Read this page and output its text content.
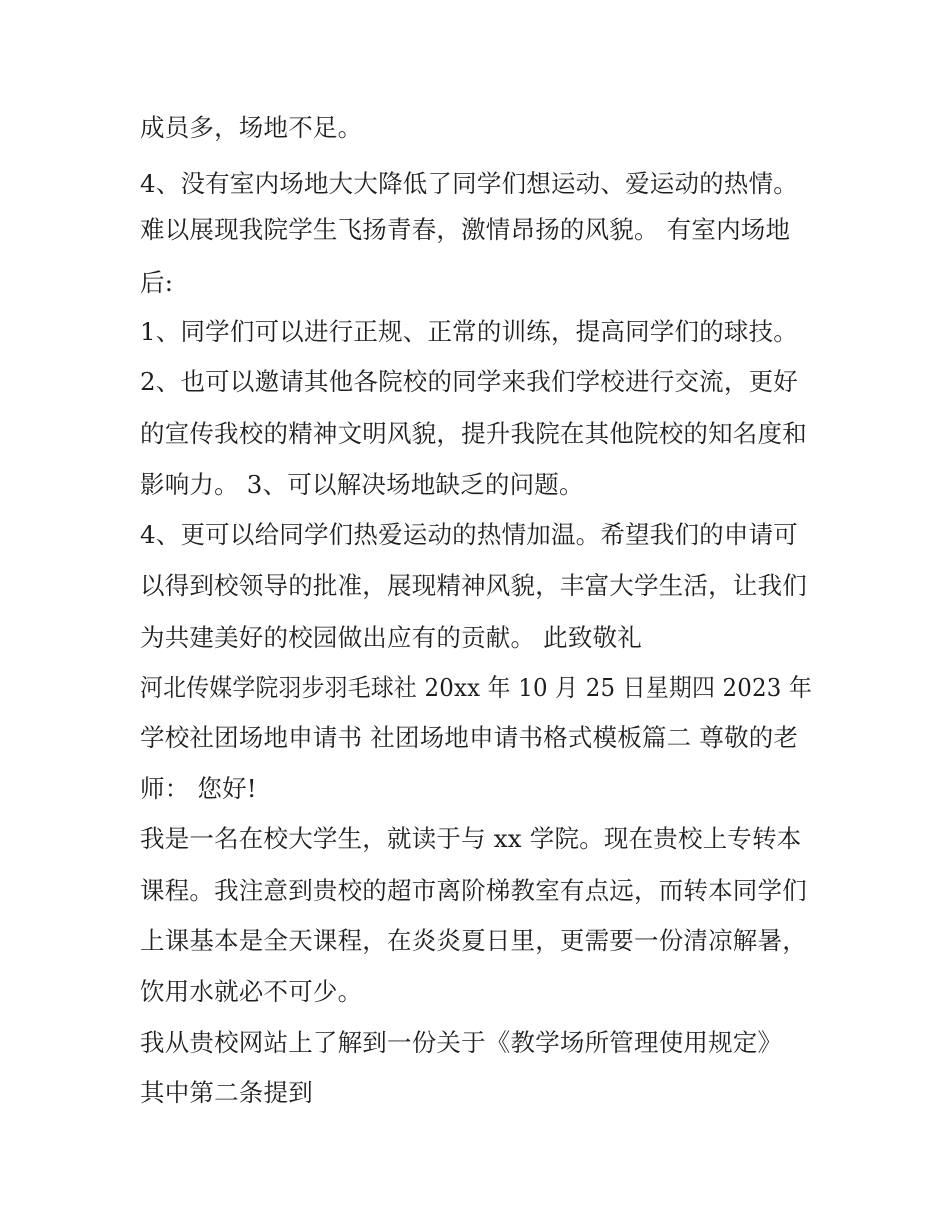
成员多，场地不足。
4、没有室内场地大大降低了同学们想运动、爱运动的热情。
难以展现我院学生飞扬青春，激情昂扬的风貌。 有室内场地
后:
1、同学们可以进行正规、正常的训练，提高同学们的球技。
2、也可以邀请其他各院校的同学来我们学校进行交流，更好
的宣传我校的精神文明风貌，提升我院在其他院校的知名度和
影响力。 3、可以解决场地缺乏的问题。
4、更可以给同学们热爱运动的热情加温。希望我们的申请可
以得到校领导的批准，展现精神风貌，丰富大学生活，让我们
为共建美好的校园做出应有的贡献。 此致敬礼
河北传媒学院羽步羽毛球社 20xx 年 10 月 25 日星期四 2023 年
学校社团场地申请书 社团场地申请书格式模板篇二 尊敬的老
师： 您好!
我是一名在校大学生，就读于与 xx 学院。现在贵校上专转本
课程。我注意到贵校的超市离阶梯教室有点远，而转本同学们
上课基本是全天课程，在炎炎夏日里，更需要一份清凉解暑，
饮用水就必不可少。
我从贵校网站上了解到一份关于《教学场所管理使用规定》
其中第二条提到
